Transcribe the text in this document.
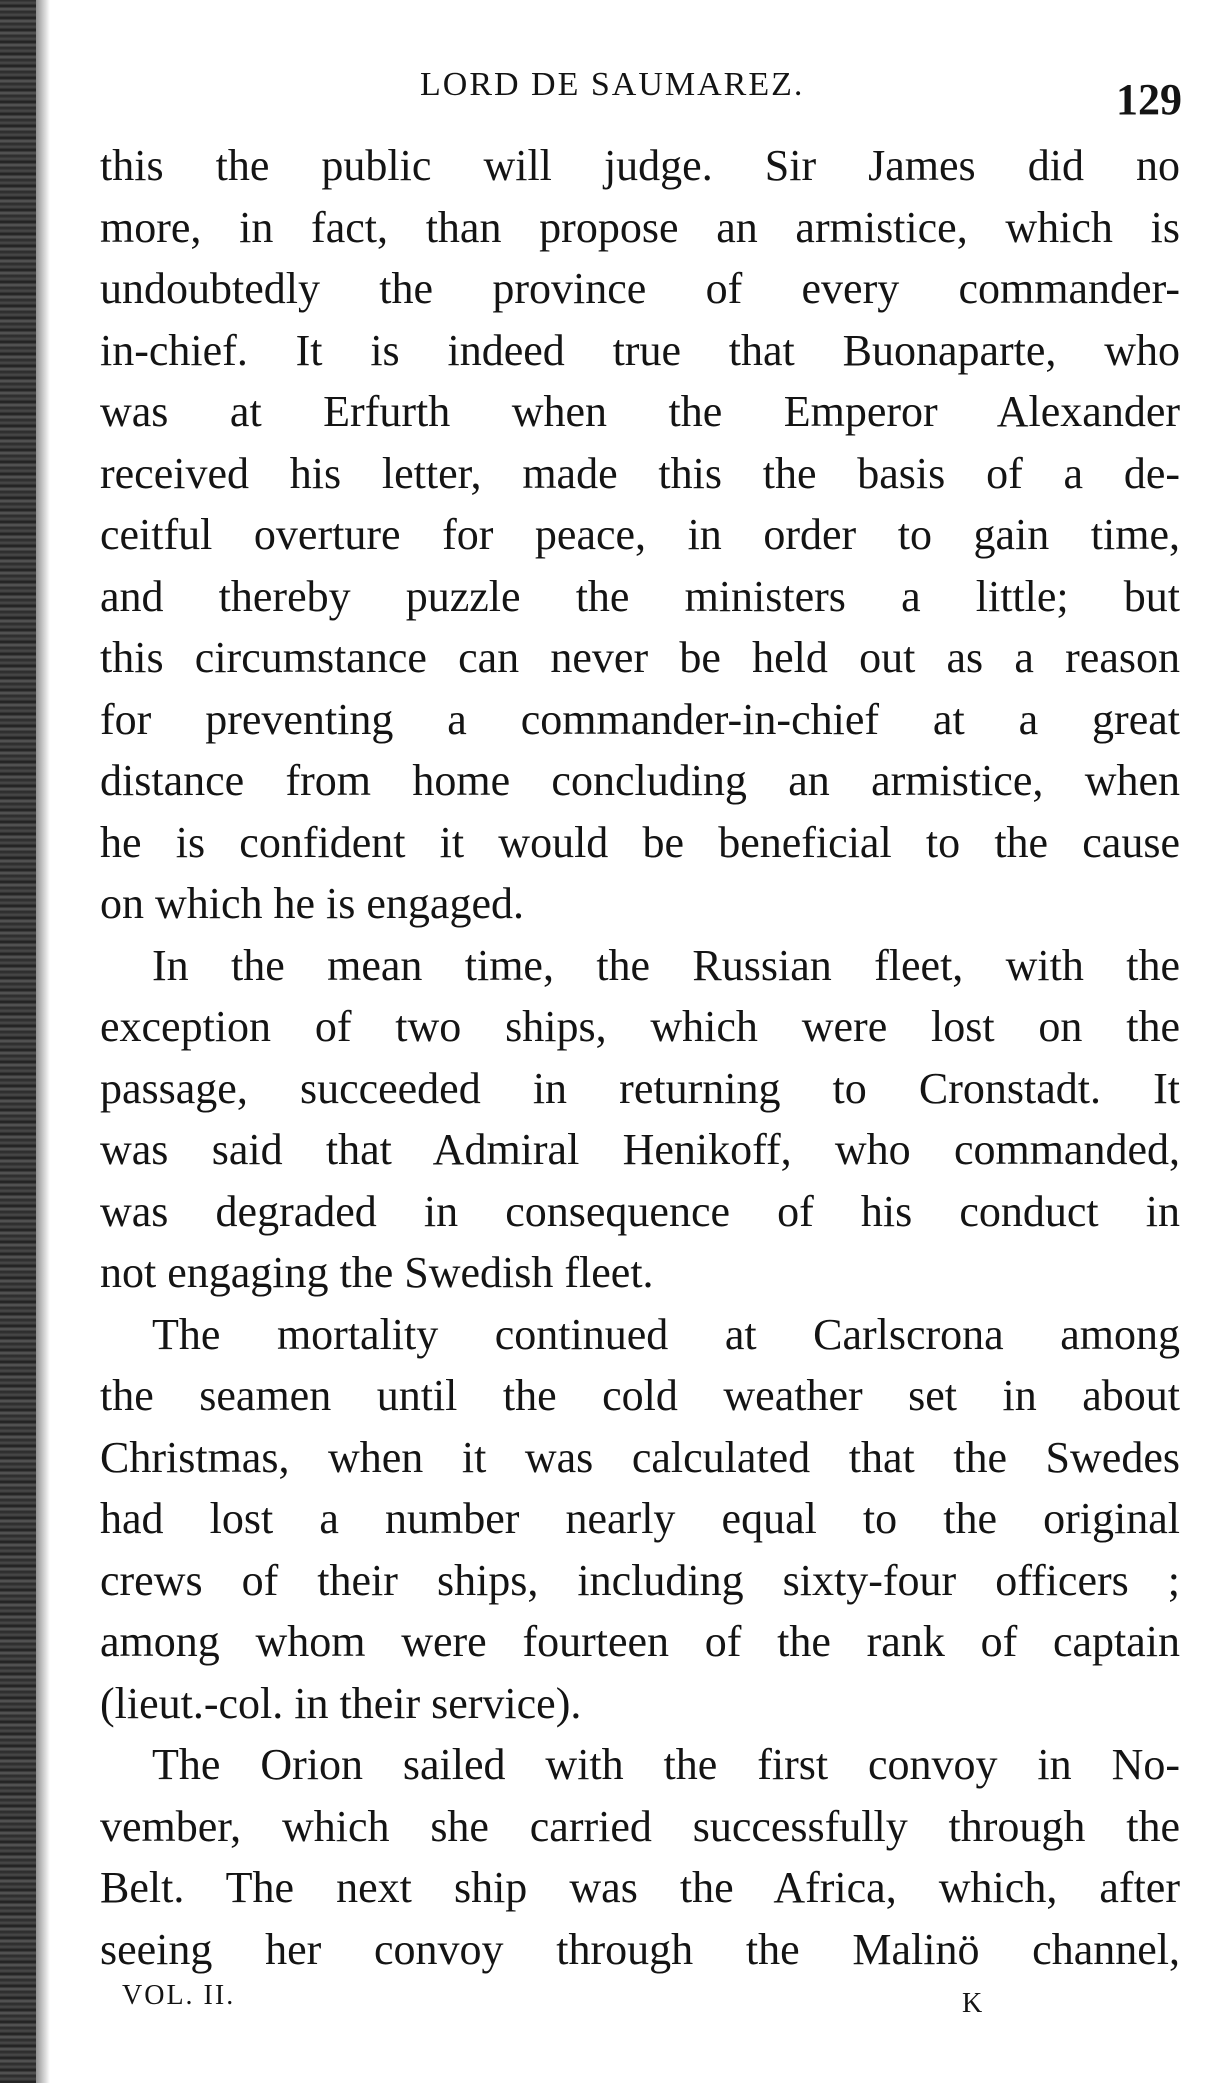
LORD DE SAUMAREZ.	129

this the public will judge. Sir James did no
more, in fact, than propose an armistice, which is
undoubtedly the province of every commander-
in-chief. It is indeed true that Buonaparte, who
was at Erfurth when the Emperor Alexander
received his letter, made this the basis of a de-
ceitful overture for peace, in order to gain time,
and thereby puzzle the ministers a little; but
this circumstance can never be held out as a reason
for preventing a commander-in-chief at a great
distance from home concluding an armistice, when
he is confident it would be beneficial to the cause
on which he is engaged.

In the mean time, the Russian fleet, with the
exception of two ships, which were lost on the
passage, succeeded in returning to Cronstadt. It
was said that Admiral Henikoff, who commanded,
was degraded in consequence of his conduct in
not engaging the Swedish fleet.

The mortality continued at Carlscrona among
the seamen until the cold weather set in about
Christmas, when it was calculated that the Swedes
had lost a number nearly equal to the original
crews of their ships, including sixty-four officers ;
among whom were fourteen of the rank of captain
(lieut.-col. in their service).

The Orion sailed with the first convoy in No-
vember, which she carried successfully through the
Belt. The next ship was the Africa, which, after
seeing her convoy through the Malinö channel,

VOL. II.	K
